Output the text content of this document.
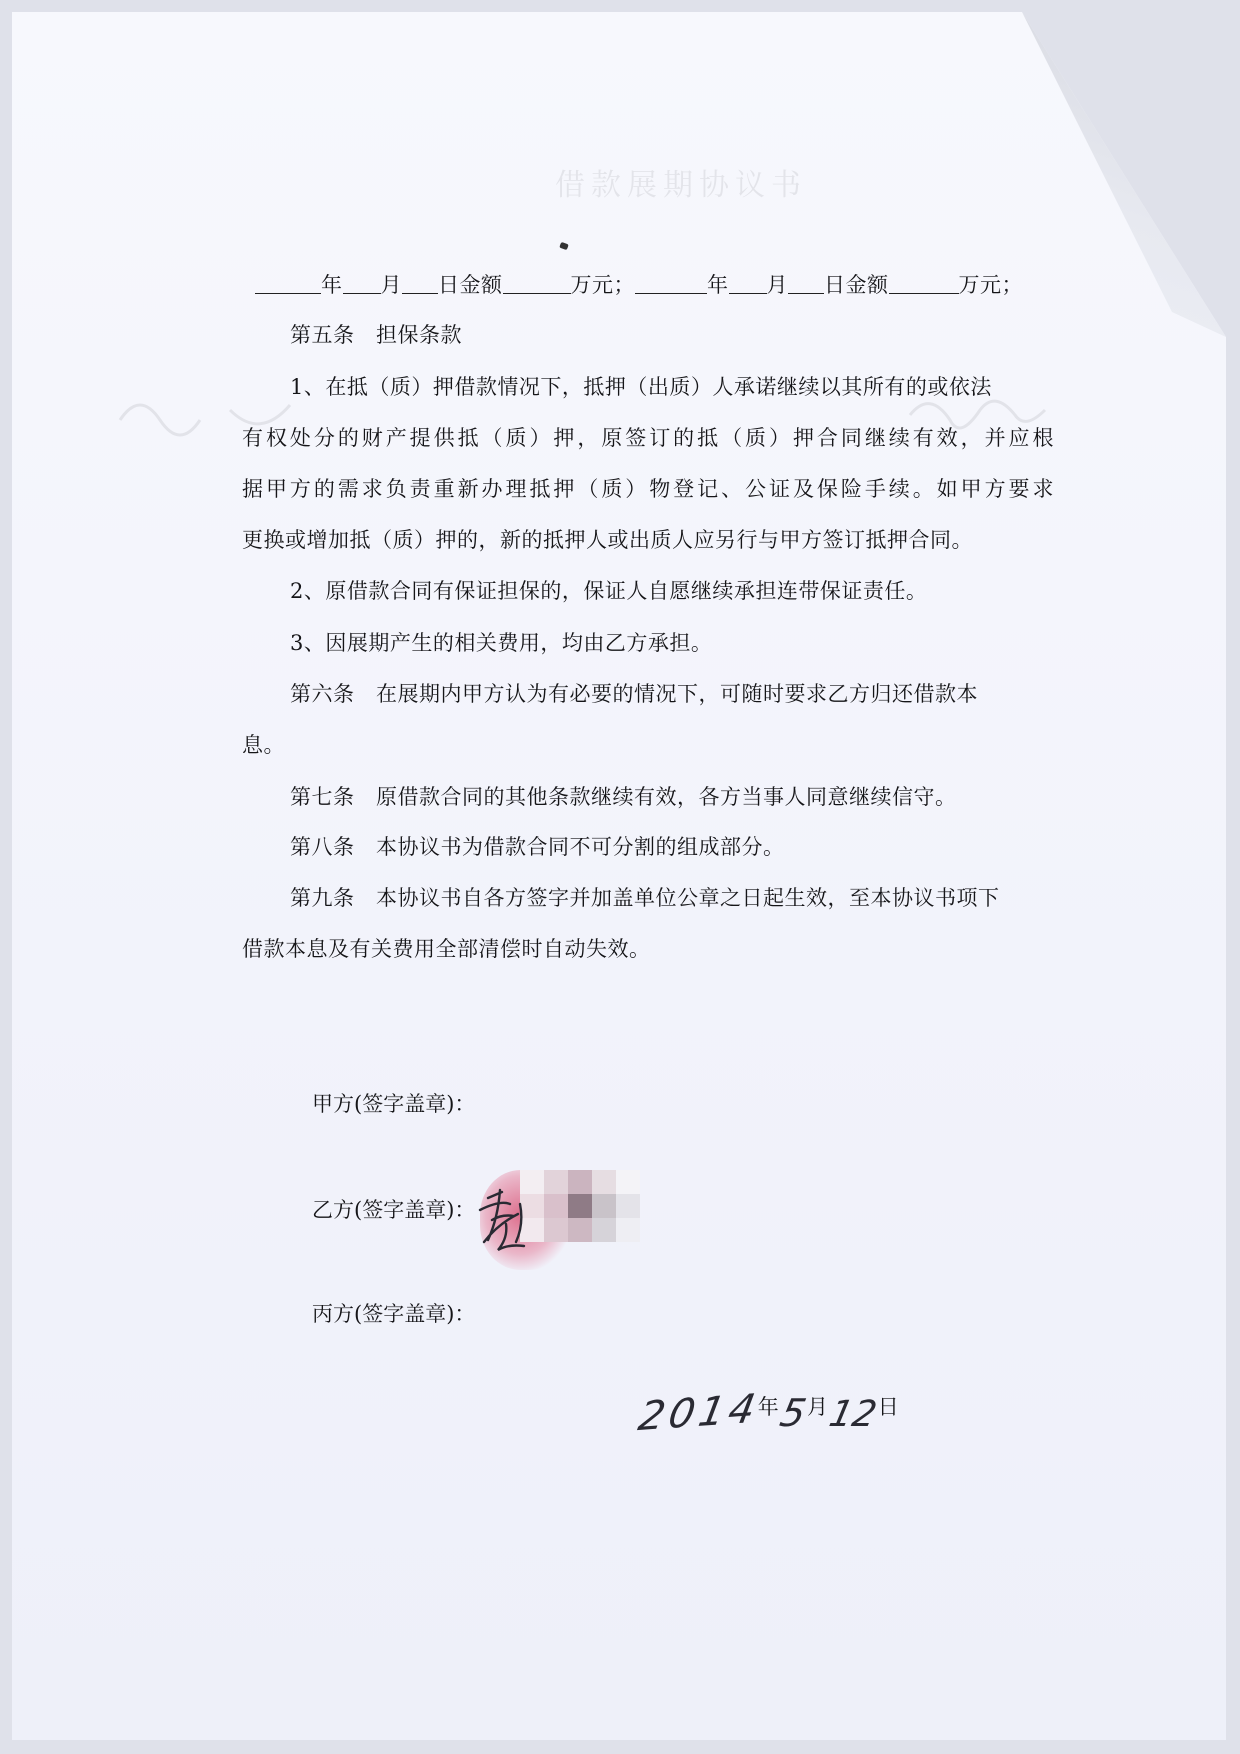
借款展期协议书
年 月 日金额	万元；	年 月 日金额	万元；
第五条　担保条款
1、在抵（质）押借款情况下，抵押（出质）人承诺继续以其所有的或依法
有权处分的财产提供抵（质）押，原签订的抵（质）押合同继续有效，并应根
据甲方的需求负责重新办理抵押（质）物登记、公证及保险手续。如甲方要求
更换或增加抵（质）押的，新的抵押人或出质人应另行与甲方签订抵押合同。
2、原借款合同有保证担保的，保证人自愿继续承担连带保证责任。
3、因展期产生的相关费用，均由乙方承担。
第六条　在展期内甲方认为有必要的情况下，可随时要求乙方归还借款本
息。
第七条　原借款合同的其他条款继续有效，各方当事人同意继续信守。
第八条　本协议书为借款合同不可分割的组成部分。
第九条　本协议书自各方签字并加盖单位公章之日起生效，至本协议书项下
借款本息及有关费用全部清偿时自动失效。
甲方(签字盖章)：
乙方(签字盖章)：
丙方(签字盖章)：
2014年5月12日
